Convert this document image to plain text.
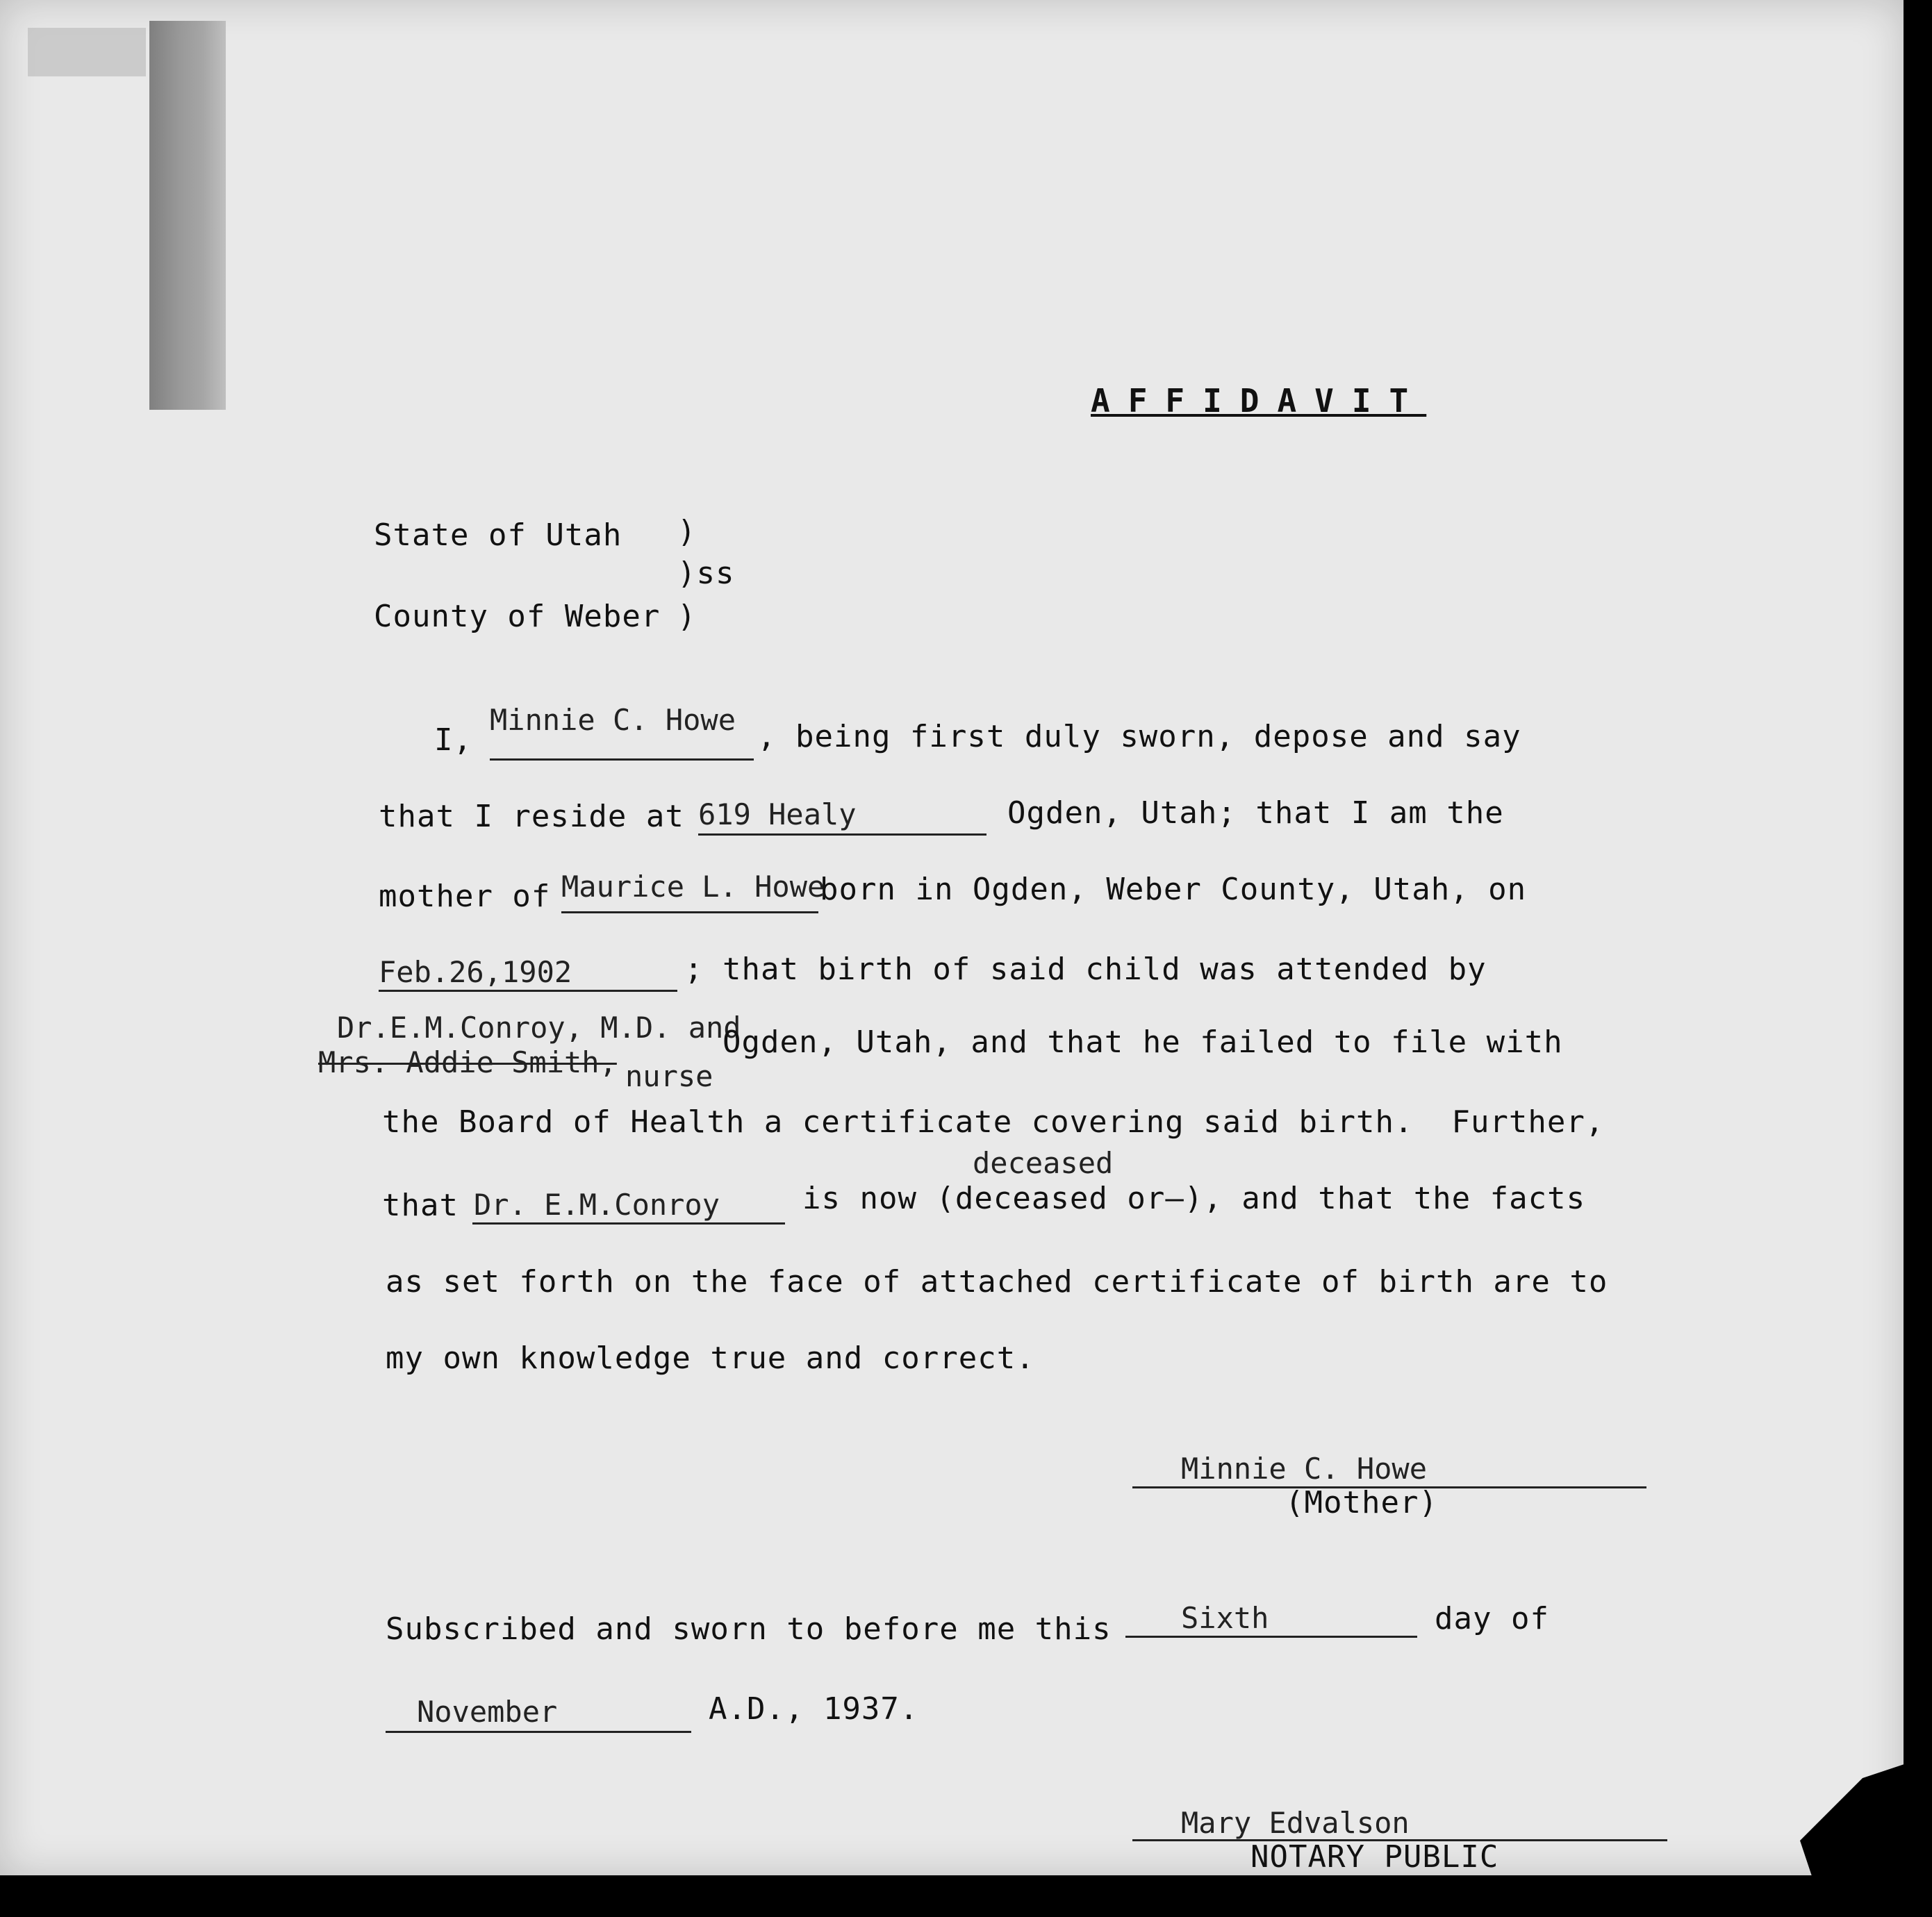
AFFIDAVIT
State of Utah )
)ss
County of Weber )
I,
Minnie C. Howe , being first duly sworn, depose and say
that I reside at 619 Healy	Ogden, Utah; that I am the
mother of Maurice L. Howe
born in Ogden, Weber County, Utah, on
Feb.26,1902	; that birth of said child was attended by
Dr.E.M.Conroy, M.D. and
Mrs. Addie Smith, nurse
Ogden, Utah, and that he failed to file with
the Board of Health a certificate covering said birth.  Further,
deceased
that Dr. E.M.Conroy	is now (deceased or—), and that the facts
as set forth on the face of attached certificate of birth are to
my own knowledge true and correct.
Minnie C. Howe
(Mother)
Subscribed and sworn to before me this Sixth	day of
November	A.D., 1937.
Mary Edvalson
NOTARY PUBLIC
